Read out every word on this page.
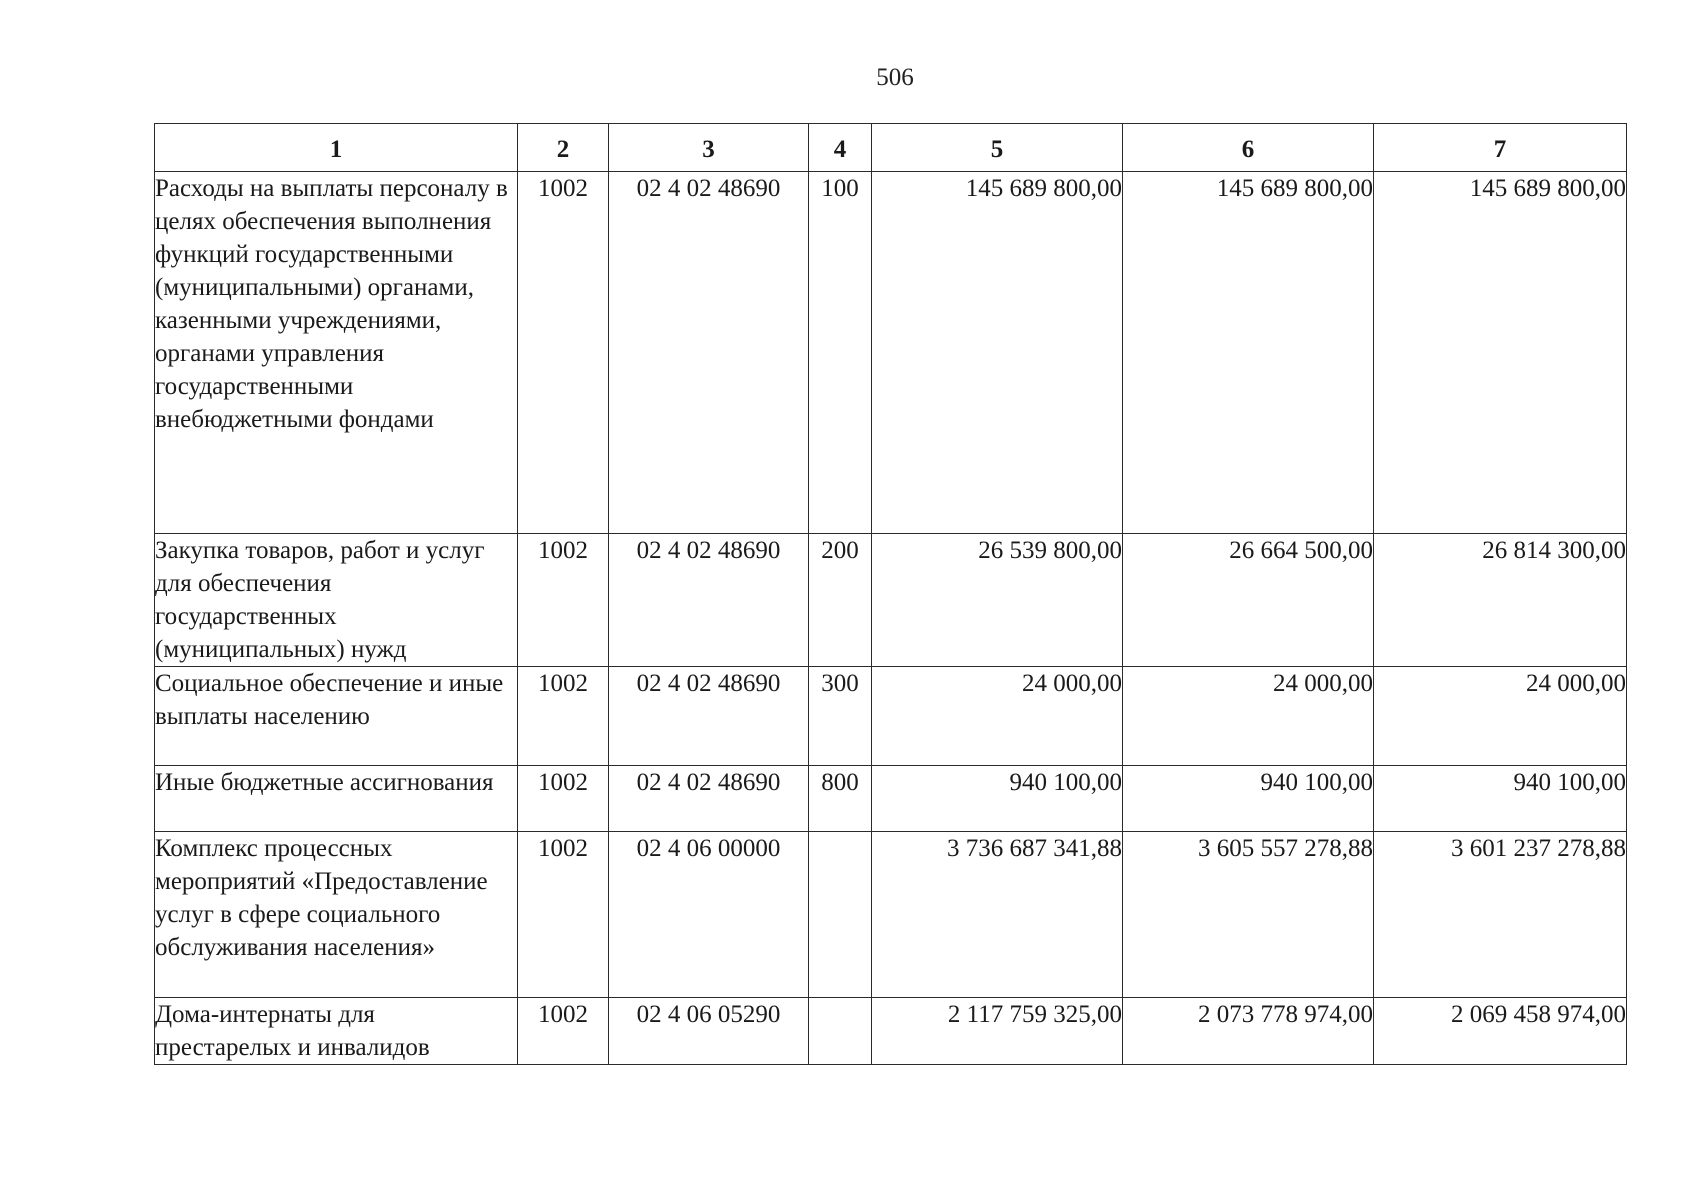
506
1	2	3	4	5	6	7
Расходы на выплаты персоналу в целях обеспечения выполнения функций государственными (муниципальными) органами, казенными учреждениями, органами управления государственными внебюджетными фондами	1002	02 4 02 48690	100	145 689 800,00	145 689 800,00	145 689 800,00
Закупка товаров, работ и услуг для обеспечения государственных (муниципальных) нужд	1002	02 4 02 48690	200	26 539 800,00	26 664 500,00	26 814 300,00
Социальное обеспечение и иные выплаты населению	1002	02 4 02 48690	300	24 000,00	24 000,00	24 000,00
Иные бюджетные ассигнования	1002	02 4 02 48690	800	940 100,00	940 100,00	940 100,00
Комплекс процессных мероприятий «Предоставление услуг в сфере социального обслуживания населения»	1002	02 4 06 00000		3 736 687 341,88	3 605 557 278,88	3 601 237 278,88
Дома-интернаты для престарелых и инвалидов	1002	02 4 06 05290		2 117 759 325,00	2 073 778 974,00	2 069 458 974,00
